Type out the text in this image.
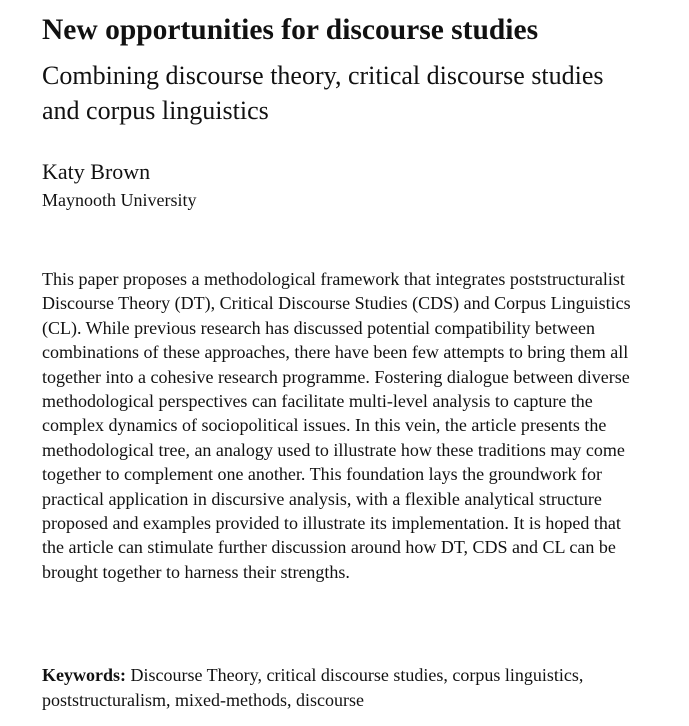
New opportunities for discourse studies
Combining discourse theory, critical discourse studies and corpus linguistics
Katy Brown
Maynooth University

This paper proposes a methodological framework that integrates poststructuralist Discourse Theory (DT), Critical Discourse Studies (CDS) and Corpus Linguistics (CL). While previous research has discussed potential compatibility between combinations of these approaches, there have been few attempts to bring them all together into a cohesive research programme. Fostering dialogue between diverse methodological perspectives can facilitate multi-level analysis to capture the complex dynamics of sociopolitical issues. In this vein, the article presents the methodological tree, an analogy used to illustrate how these traditions may come together to complement one another. This foundation lays the groundwork for practical application in discursive analysis, with a flexible analytical structure proposed and examples provided to illustrate its implementation. It is hoped that the article can stimulate further discussion around how DT, CDS and CL can be brought together to harness their strengths.

Keywords: Discourse Theory, critical discourse studies, corpus linguistics, poststructuralism, mixed-methods, discourse
